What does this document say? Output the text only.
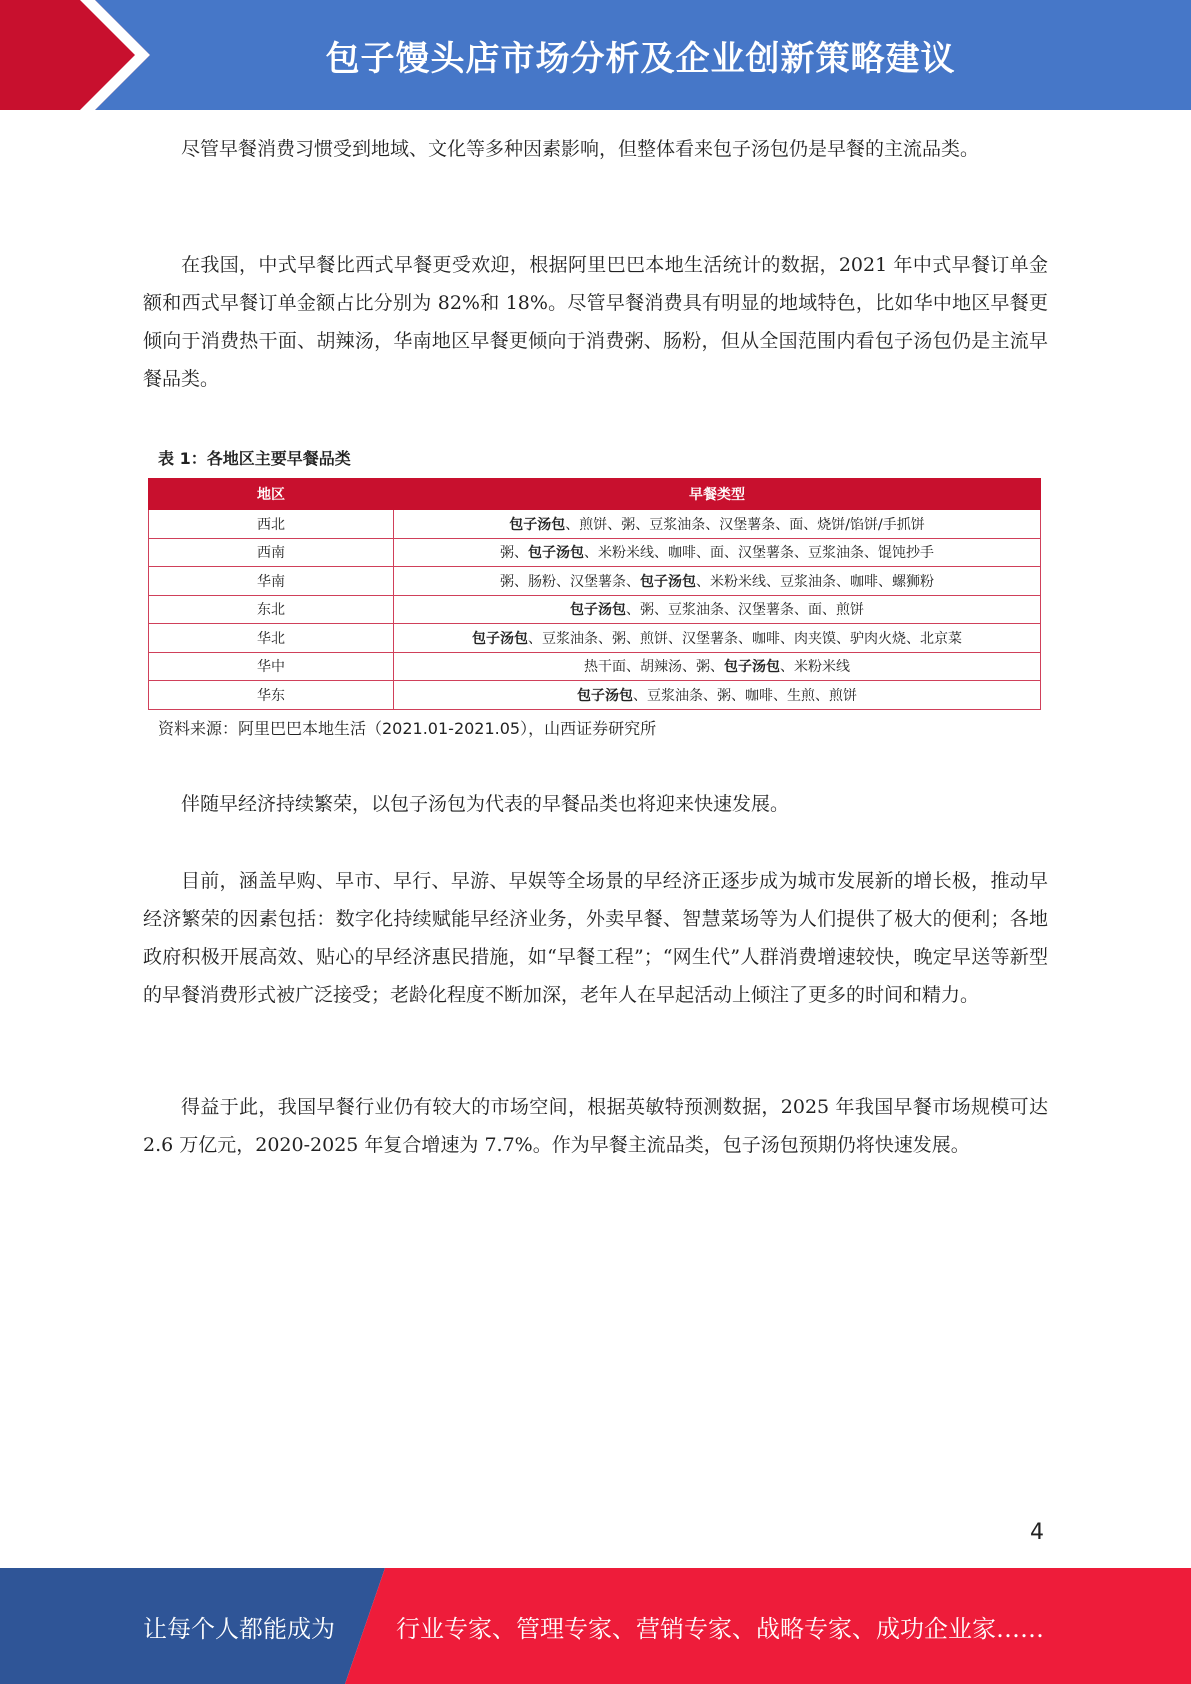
包子馒头店市场分析及企业创新策略建议

尽管早餐消费习惯受到地域、文化等多种因素影响，但整体看来包子汤包仍是早餐的主流品类。

在我国，中式早餐比西式早餐更受欢迎，根据阿里巴巴本地生活统计的数据，2021 年中式早餐订单金额和西式早餐订单金额占比分别为 82%和 18%。尽管早餐消费具有明显的地域特色，比如华中地区早餐更倾向于消费热干面、胡辣汤，华南地区早餐更倾向于消费粥、肠粉，但从全国范围内看包子汤包仍是主流早餐品类。

伴随早经济持续繁荣，以包子汤包为代表的早餐品类也将迎来快速发展。

目前，涵盖早购、早市、早行、早游、早娱等全场景的早经济正逐步成为城市发展新的增长极，推动早经济繁荣的因素包括：数字化持续赋能早经济业务，外卖早餐、智慧菜场等为人们提供了极大的便利；各地政府积极开展高效、贴心的早经济惠民措施，如“早餐工程”；“网生代”人群消费增速较快，晚定早送等新型的早餐消费形式被广泛接受；老龄化程度不断加深，老年人在早起活动上倾注了更多的时间和精力。

得益于此，我国早餐行业仍有较大的市场空间，根据英敏特预测数据，2025 年我国早餐市场规模可达 2.6 万亿元，2020-2025 年复合增速为 7.7%。作为早餐主流品类，包子汤包预期仍将快速发展。

表 1：各地区主要早餐品类
地区	早餐类型
西北	包子汤包、煎饼、粥、豆浆油条、汉堡薯条、面、烧饼/馅饼/手抓饼
西南	粥、包子汤包、米粉米线、咖啡、面、汉堡薯条、豆浆油条、馄饨抄手
华南	粥、肠粉、汉堡薯条、包子汤包、米粉米线、豆浆油条、咖啡、螺狮粉
东北	包子汤包、粥、豆浆油条、汉堡薯条、面、煎饼
华北	包子汤包、豆浆油条、粥、煎饼、汉堡薯条、咖啡、肉夹馍、驴肉火烧、北京菜
华中	热干面、胡辣汤、粥、包子汤包、米粉米线
华东	包子汤包、豆浆油条、粥、咖啡、生煎、煎饼
资料来源：阿里巴巴本地生活（2021.01-2021.05），山西证券研究所
4
让每个人都能成为	行业专家、管理专家、营销专家、战略专家、成功企业家……
